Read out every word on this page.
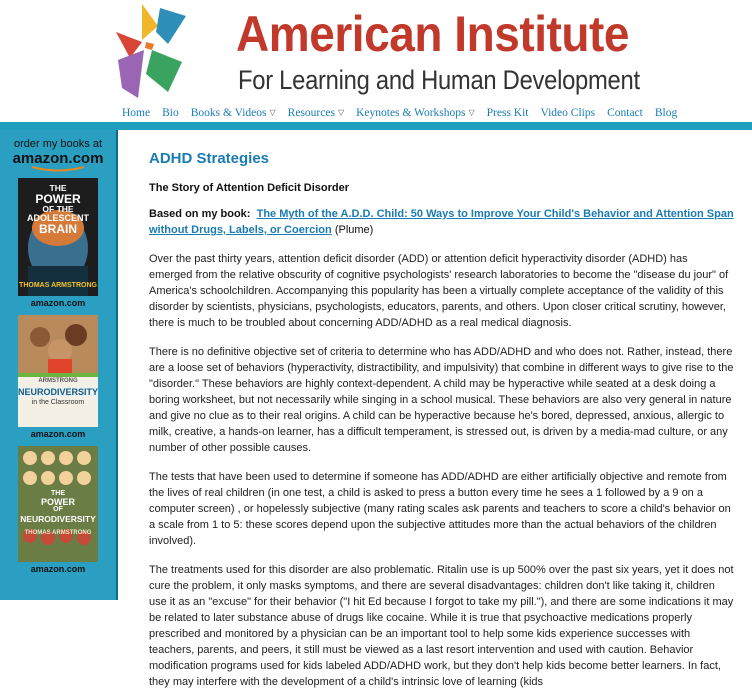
American Institute
For Learning and Human Development
Home Bio Books & Videos ▽ Resources ▽ Keynotes & Workshops ▽ Press Kit Video Clips Contact Blog
order my books at
amazon.com
THE
POWER
OF THE
ADOLESCENT
BRAIN
THOMAS ARMSTRONG
amazon.com
ARMSTRONG
NEURODIVERSITY
in the Classroom
amazon.com
THE
POWER
OF
NEURODIVERSITY
THOMAS ARMSTRONG
amazon.com
ADHD Strategies
The Story of Attention Deficit Disorder
Based on my book: The Myth of the A.D.D. Child: 50 Ways to Improve Your Child's Behavior and Attention Span without Drugs, Labels, or Coercion (Plume)

Over the past thirty years, attention deficit disorder (ADD) or attention deficit hyperactivity disorder (ADHD) has emerged from the relative obscurity of cognitive psychologists' research laboratories to become the "disease du jour" of America's schoolchildren. Accompanying this popularity has been a virtually complete acceptance of the validity of this disorder by scientists, physicians, psychologists, educators, parents, and others. Upon closer critical scrutiny, however, there is much to be troubled about concerning ADD/ADHD as a real medical diagnosis.

There is no definitive objective set of criteria to determine who has ADD/ADHD and who does not. Rather, instead, there are a loose set of behaviors (hyperactivity, distractibility, and impulsivity) that combine in different ways to give rise to the "disorder." These behaviors are highly context-dependent. A child may be hyperactive while seated at a desk doing a boring worksheet, but not necessarily while singing in a school musical. These behaviors are also very general in nature and give no clue as to their real origins. A child can be hyperactive because he's bored, depressed, anxious, allergic to milk, creative, a hands-on learner, has a difficult temperament, is stressed out, is driven by a media-mad culture, or any number of other possible causes.

The tests that have been used to determine if someone has ADD/ADHD are either artificially objective and remote from the lives of real children (in one test, a child is asked to press a button every time he sees a 1 followed by a 9 on a computer screen) , or hopelessly subjective (many rating scales ask parents and teachers to score a child's behavior on a scale from 1 to 5: these scores depend upon the subjective attitudes more than the actual behaviors of the children involved).

The treatments used for this disorder are also problematic. Ritalin use is up 500% over the past six years, yet it does not cure the problem, it only masks symptoms, and there are several disadvantages: children don't like taking it, children use it as an "excuse" for their behavior ("I hit Ed because I forgot to take my pill."), and there are some indications it may be related to later substance abuse of drugs like cocaine. While it is true that psychoactive medications properly prescribed and monitored by a physician can be an important tool to help some kids experience successes with teachers, parents, and peers, it still must be viewed as a last resort intervention and used with caution. Behavior modification programs used for kids labeled ADD/ADHD work, but they don't help kids become better learners. In fact, they may interfere with the development of a child's intrinsic love of learning (kids
